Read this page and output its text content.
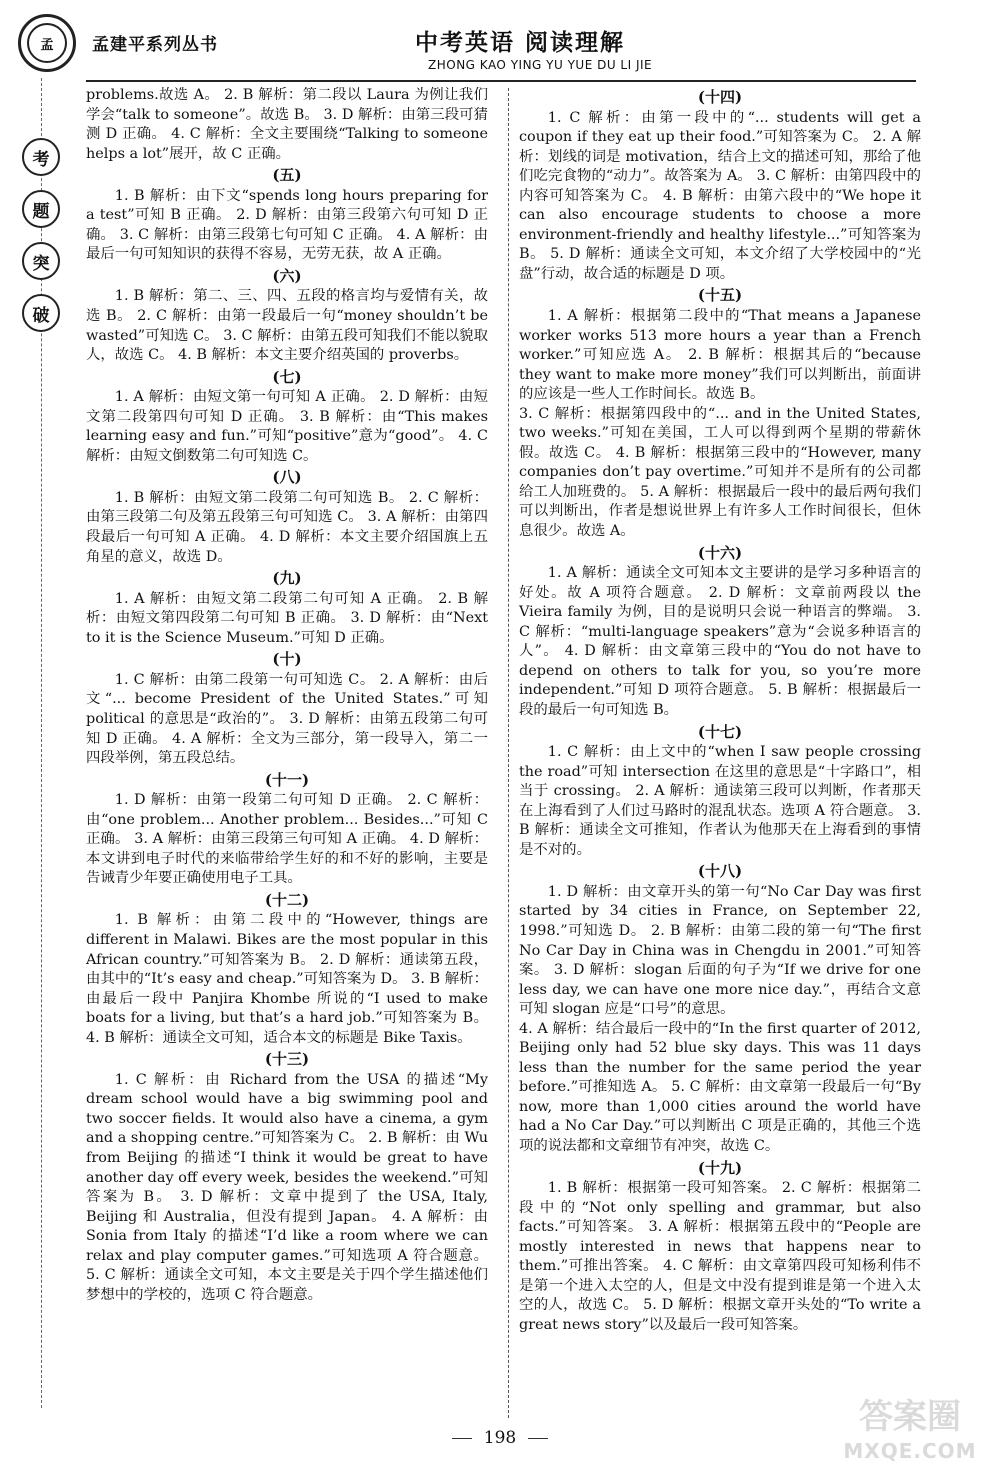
孟	孟建平系列丛书	中考英语 阅读理解
ZHONG KAO YING YU YUE DU LI JIE
考
题
突
破

problems.故选 A。 2. B 解析：第二段以 Laura 为例让我们学会“talk to someone”。故选 B。 3. D 解析：由第三段可猜测 D 正确。 4. C 解析：全文主要围绕“Talking to someone helps a lot”展开，故 C 正确。

(五)

1. B 解析：由下文“spends long hours preparing for a test”可知 B 正确。 2. D 解析：由第三段第六句可知 D 正确。 3. C 解析：由第三段第七句可知 C 正确。 4. A 解析：由最后一句可知知识的获得不容易，无劳无获，故 A 正确。

(六)

1. B 解析：第二、三、四、五段的格言均与爱情有关，故选 B。 2. C 解析：由第一段最后一句“money shouldn’t be wasted”可知选 C。 3. C 解析：由第五段可知我们不能以貌取人，故选 C。 4. B 解析：本文主要介绍英国的 proverbs。

(七)

1. A 解析：由短文第一句可知 A 正确。 2. D 解析：由短文第二段第四句可知 D 正确。 3. B 解析：由“This makes learning easy and fun.”可知“positive”意为“good”。 4. C 解析：由短文倒数第二句可知选 C。

(八)

1. B 解析：由短文第二段第二句可知选 B。 2. C 解析：由第三段第二句及第五段第三句可知选 C。 3. A 解析：由第四段最后一句可知 A 正确。 4. D 解析：本文主要介绍国旗上五角星的意义，故选 D。

(九)

1. A 解析：由短文第二段第二句可知 A 正确。 2. B 解析：由短文第四段第二句可知 B 正确。 3. D 解析：由“Next to it is the Science Museum.”可知 D 正确。

(十)

1. C 解析：由第二段第一句可知选 C。 2. A 解析：由后文“... become President of the United States.”可知 political 的意思是“政治的”。 3. D 解析：由第五段第二句可知 D 正确。 4. A 解析：全文为三部分，第一段导入，第二一四段举例，第五段总结。

(十一)

1. D 解析：由第一段第二句可知 D 正确。 2. C 解析：由“one problem... Another problem... Besides...”可知 C 正确。 3. A 解析：由第三段第三句可知 A 正确。 4. D 解析：本文讲到电子时代的来临带给学生好的和不好的影响，主要是告诫青少年要正确使用电子工具。

(十二)

1. B 解析：由第二段中的“However, things are different in Malawi. Bikes are the most popular in this African country.”可知答案为 B。 2. D 解析：通读第五段，由其中的“It’s easy and cheap.”可知答案为 D。 3. B 解析：由最后一段中 Panjira Khombe 所说的“I used to make boats for a living, but that’s a hard job.”可知答案为 B。 4. B 解析：通读全文可知，适合本文的标题是 Bike Taxis。

(十三)

1. C 解析：由 Richard from the USA 的描述“My dream school would have a big swimming pool and two soccer fields. It would also have a cinema, a gym and a shopping centre.”可知答案为 C。 2. B 解析：由 Wu from Beijing 的描述“I think it would be great to have another day off every week, besides the weekend.”可知答案为 B。 3. D 解析：文章中提到了 the USA, Italy, Beijing 和 Australia，但没有提到 Japan。 4. A 解析：由 Sonia from Italy 的描述“I’d like a room where we can relax and play computer games.”可知选项 A 符合题意。 5. C 解析：通读全文可知，本文主要是关于四个学生描述他们梦想中的学校的，选项 C 符合题意。

(十四)

1. C 解析：由第一段中的“... students will get a coupon if they eat up their food.”可知答案为 C。 2. A 解析：划线的词是 motivation，结合上文的描述可知，那给了他们吃完食物的“动力”。故答案为 A。 3. C 解析：由第四段中的内容可知答案为 C。 4. B 解析：由第六段中的“We hope it can also encourage students to choose a more environment-friendly and healthy lifestyle...”可知答案为 B。 5. D 解析：通读全文可知，本文介绍了大学校园中的“光盘”行动，故合适的标题是 D 项。

(十五)

1. A 解析：根据第二段中的“That means a Japanese worker works 513 more hours a year than a French worker.”可知应选 A。 2. B 解析：根据其后的“because they want to make more money”我们可以判断出，前面讲的应该是一些人工作时间长。故选 B。

3. C 解析：根据第四段中的“... and in the United States, two weeks.”可知在美国，工人可以得到两个星期的带薪休假。故选 C。 4. B 解析：根据第三段中的“However, many companies don’t pay overtime.”可知并不是所有的公司都给工人加班费的。 5. A 解析：根据最后一段中的最后两句我们可以判断出，作者是想说世界上有许多人工作时间很长，但休息很少。故选 A。

(十六)

1. A 解析：通读全文可知本文主要讲的是学习多种语言的好处。故 A 项符合题意。 2. D 解析：文章前两段以 the Vieira family 为例，目的是说明只会说一种语言的弊端。 3. C 解析：“multi-language speakers”意为“会说多种语言的人”。 4. D 解析：由文章第三段中的“You do not have to depend on others to talk for you, so you’re more independent.”可知 D 项符合题意。 5. B 解析：根据最后一段的最后一句可知选 B。

(十七)

1. C 解析：由上文中的“when I saw people crossing the road”可知 intersection 在这里的意思是“十字路口”，相当于 crossing。 2. A 解析：通读第三段可以判断，作者那天在上海看到了人们过马路时的混乱状态。选项 A 符合题意。 3. B 解析：通读全文可推知，作者认为他那天在上海看到的事情是不对的。

(十八)

1. D 解析：由文章开头的第一句“No Car Day was first started by 34 cities in France, on September 22, 1998.”可知选 D。 2. B 解析：由第二段的第一句“The first No Car Day in China was in Chengdu in 2001.”可知答案。 3. D 解析：slogan 后面的句子为“If we drive for one less day, we can have one more nice day.”，再结合文意可知 slogan 应是“口号”的意思。

4. A 解析：结合最后一段中的“In the first quarter of 2012, Beijing only had 52 blue sky days. This was 11 days less than the number for the same period the year before.”可推知选 A。 5. C 解析：由文章第一段最后一句“By now, more than 1,000 cities around the world have had a No Car Day.”可以判断出 C 项是正确的，其他三个选项的说法都和文章细节有冲突，故选 C。

(十九)

1. B 解析：根据第一段可知答案。 2. C 解析：根据第二段中的“Not only spelling and grammar, but also facts.”可知答案。 3. A 解析：根据第五段中的“People are mostly interested in news that happens near to them.”可推出答案。 4. C 解析：由文章第四段可知杨利伟不是第一个进入太空的人，但是文中没有提到谁是第一个进入太空的人，故选 C。 5. D 解析：根据文章开头处的“To write a great news story”以及最后一段可知答案。

198
答案圈
MXQE.COM
